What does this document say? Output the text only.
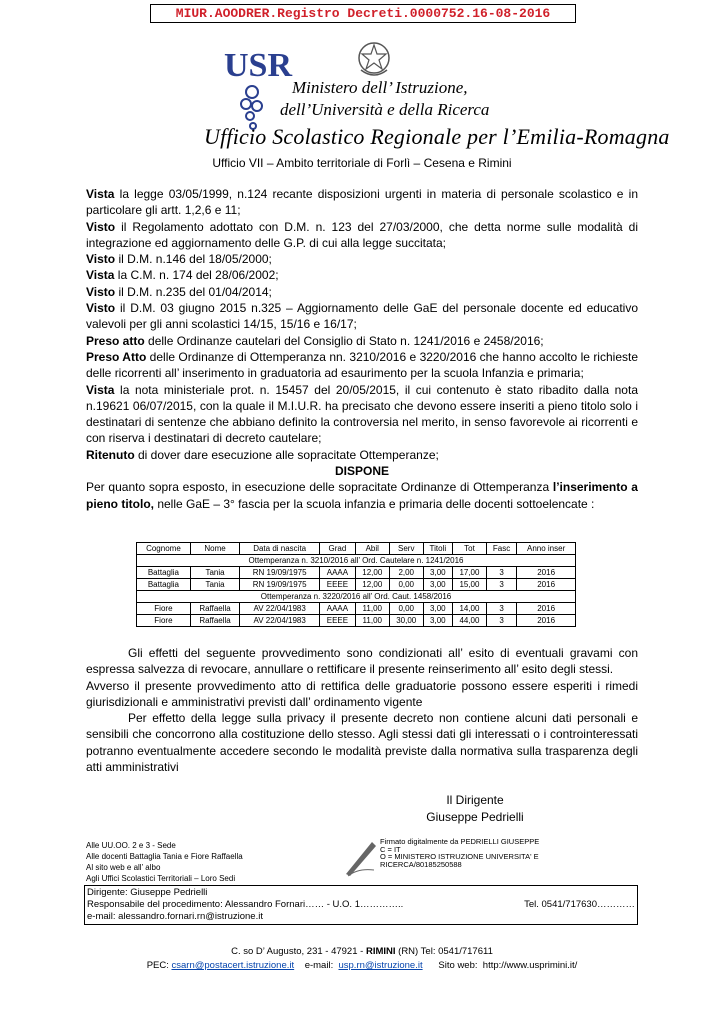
MIUR.AOODRER.Registro Decreti.0000752.16-08-2016
USR
Ministero dell’ Istruzione,
dell’Università e della Ricerca
Ufficio Scolastico Regionale per l’Emilia-Romagna
Ufficio VII – Ambito territoriale di Forlì – Cesena e Rimini

Vista la legge 03/05/1999, n.124 recante disposizioni urgenti in materia di personale scolastico e in particolare gli artt. 1,2,6 e 11;

Visto il Regolamento adottato con D.M. n. 123 del 27/03/2000, che detta norme sulle modalità di integrazione ed aggiornamento delle G.P. di cui alla legge succitata;

Visto il D.M. n.146 del 18/05/2000;

Vista la C.M. n. 174 del 28/06/2002;

Visto il D.M. n.235 del 01/04/2014;

Visto il D.M. 03 giugno 2015 n.325 – Aggiornamento delle GaE del personale docente ed educativo valevoli per gli anni scolastici 14/15, 15/16 e 16/17;

Preso atto delle Ordinanze cautelari del Consiglio di Stato n. 1241/2016 e 2458/2016;

Preso Atto delle Ordinanze di Ottemperanza nn. 3210/2016 e 3220/2016 che hanno accolto le richieste delle ricorrenti all’ inserimento in graduatoria ad esaurimento per la scuola Infanzia e primaria;

Vista la nota ministeriale prot. n. 15457 del 20/05/2015, il cui contenuto è stato ribadito dalla nota n.19621 06/07/2015, con la quale il M.I.U.R. ha precisato che devono essere inseriti a pieno titolo solo i destinatari di sentenze che abbiano definito la controversia nel merito, in senso favorevole ai ricorrenti e con riserva i destinatari di decreto cautelare;

Ritenuto di dover dare esecuzione alle sopracitate Ottemperanze;

DISPONE

Per quanto sopra esposto, in esecuzione delle sopracitate Ordinanze di Ottemperanza l’inserimento a pieno titolo, nelle GaE – 3° fascia per la scuola infanzia e primaria delle docenti sottoelencate :

Cognome	Nome	Data di nascita	Grad	Abil	Serv	Titoli	Tot	Fasc	Anno inser
Ottemperanza n. 3210/2016 all’ Ord. Cautelare n. 1241/2016									
Battaglia	Tania	RN 19/09/1975	AAAA	12,00	2,00	3,00	17,00	3	2016
Battaglia	Tania	RN 19/09/1975	EEEE	12,00	0,00	3,00	15,00	3	2016
Ottemperanza n. 3220/2016 all’ Ord. Caut. 1458/2016									
Fiore	Raffaella	AV 22/04/1983	AAAA	11,00	0,00	3,00	14,00	3	2016
Fiore	Raffaella	AV 22/04/1983	EEEE	11,00	30,00	3,00	44,00	3	2016

Gli effetti del seguente provvedimento sono condizionati all’ esito di eventuali gravami con espressa salvezza di revocare, annullare o rettificare il presente reinserimento all’ esito degli stessi.

Avverso il presente provvedimento atto di rettifica delle graduatorie possono essere esperiti i rimedi giurisdizionali e amministrativi previsti dall’ ordinamento vigente

Per effetto della legge sulla privacy il presente decreto non contiene alcuni dati personali e sensibili che concorrono alla costituzione dello stesso. Agli stessi dati gli interessati o i controinteressati potranno eventualmente accedere secondo le modalità previste dalla normativa sulla trasparenza degli atti amministrativi

Il Dirigente
Giuseppe Pedrielli
Alle UU.OO. 2 e 3 - Sede
Alle docenti Battaglia Tania e Fiore Raffaella
Al sito web e all’ albo
Agli Uffici Scolastici Territoriali – Loro Sedi
Firmato digitalmente da PEDRIELLI GIUSEPPE
C = IT
O = MINISTERO ISTRUZIONE UNIVERSITA' E
RICERCA/80185250588
Dirigente: Giuseppe Pedrielli
Responsabile del procedimento: Alessandro Fornari…… - U.O. 1…………..	Tel. 0541/717630…………
e-mail: alessandro.fornari.rn@istruzione.it
C. so D’ Augusto, 231 - 47921 - RIMINI (RN) Tel: 0541/717611
PEC: csarn@postacert.istruzione.it    e-mail:  usp.rn@istruzione.it      Sito web:  http://www.usprimini.it/
